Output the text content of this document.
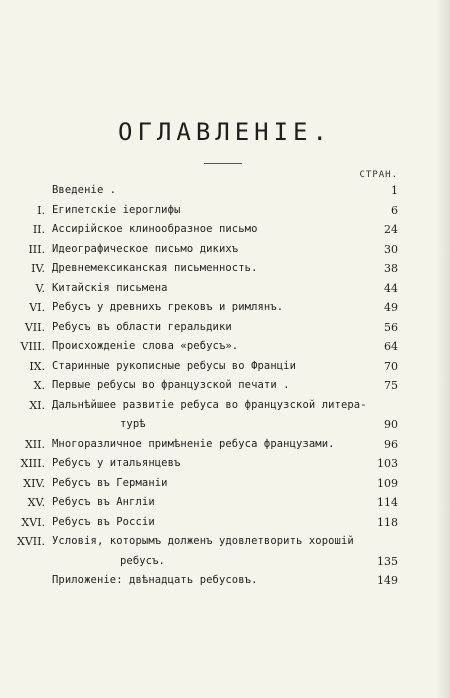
ОГЛАВЛЕНІЕ.
СТРАН.
Введеніе .	1
I. Египетскіе іероглифы	6
II. Ассирійское клинообразное письмо	24
III. Идеографическое письмо дикихъ	30
IV. Древнемексиканская письменность.	38
V. Китайскія письмена	44
VI. Ребусъ у древнихъ грековъ и римлянъ.	49
VII. Ребусъ въ области геральдики	56
VIII. Происхожденіе слова «ребусъ».	64
IX. Старинные рукописные ребусы во Франціи	70
X. Первые ребусы во французской печати .	75
XI. Дальнѣйшее развитіе ребуса во французской литера-
турѣ	90
XII. Многоразличное примѣненіе ребуса французами.	96
XIII. Ребусъ у итальянцевъ	103
XIV. Ребусъ въ Германіи	109
XV. Ребусъ въ Англіи	114
XVI. Ребусъ въ Россіи	118
XVII. Условія, которымъ долженъ удовлетворить хорошій
ребусъ.	135
Приложеніе: двѣнадцать ребусовъ.	149
